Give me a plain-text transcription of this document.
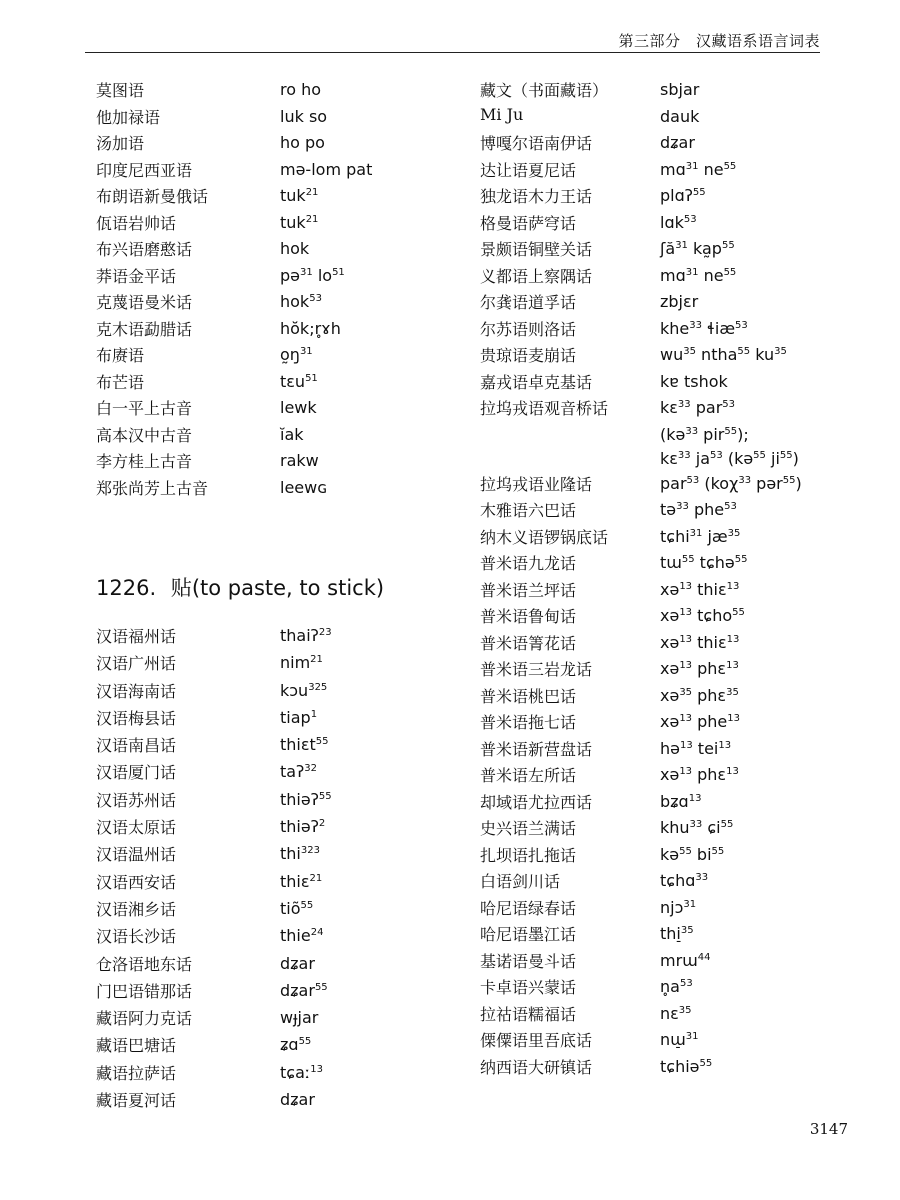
第三部分　汉藏语系语言词表
莫图语	ro ho
他加禄语	luk so
汤加语	ho po
印度尼西亚语	mə-lom pat
布朗语新曼俄话	tuk$^{21}$
佤语岩帅话	tuk$^{21}$
布兴语磨憨话	hok
莽语金平话	pə$^{31}$ $lo^{51}$
克蔑语曼米话	hok$^{53}$
克木语勐腊话	hŏk;r̥ɤh
布赓语	$o̰ŋ^{31}$
布芒语	tɛu$^{51}$
白一平上古音	lewk
高本汉中古音	ĭak
李方桂上古音	rakw
郑张尚芳上古音	leewɢ
1226. 贴(to paste, to stick)
汉语福州话	thaiʔ$^{23}$
汉语广州话	nim$^{21}$
汉语海南话	kɔu$^{325}$
汉语梅县话	tiap$^1$
汉语南昌话	thiɛt$^{55}$
汉语厦门话	taʔ$^{32}$
汉语苏州话	thiəʔ$^{55}$
汉语太原话	thiəʔ$^2$
汉语温州话	thi$^{323}$
汉语西安话	thiɛ$^{21}$
汉语湘乡话	tiõ$^{55}$
汉语长沙话	thie$^{24}$
仓洛语地东话	dʑar
门巴语错那话	dʑar$^{55}$
藏语阿力克话	wɟjar
藏语巴塘话	ʑɑ$^{55}$
藏语拉萨话	tɕaː$^{13}$
藏语夏河话	dʑar
藏文（书面藏语）	sbjar
Mi Ju	dauk
博嘎尔语南伊话	dʑar
达让语夏尼话	mɑ$^{31}$ $ne^{55}$
独龙语木力王话	plɑʔ$^{55}$
格曼语萨穹话	lɑk$^{53}$
景颇语铜壁关话	ʃă$^{31}$ $ka̰p^{55}$
义都语上察隅话	mɑ$^{31}$ $ne^{55}$
尔龚语道孚话	zbjɛr
尔苏语则洛话	khe$^{33}$ ɬiæ$^{53}$
贵琼语麦崩话	$wu^{35}$ ntha$^{55}$ $ku^{35}$
嘉戎语卓克基话	kɐ tshok
拉坞戎语观音桥话	kɛ$^{33}$ par$^{53}$
(kə$^{33}$ pir$^{55}$);
kɛ$^{33}$ $ja^{53}$ (kə$^{55}$ $ji^{55}$)
拉坞戎语业隆话	par$^{53}$ (koχ$^{33}$ pər$^{55}$)
木雅语六巴话	tə$^{33}$ phe$^{53}$
纳木义语锣锅底话	tɕhi$^{31}$ $jæ^{35}$
普米语九龙话	tɯ$^{55}$ tɕhə$^{55}$
普米语兰坪话	xə$^{13}$ thiɛ$^{13}$
普米语鲁甸话	xə$^{13}$ tɕho$^{55}$
普米语箐花话	xə$^{13}$ thiɛ$^{13}$
普米语三岩龙话	xə$^{13}$ phɛ$^{13}$
普米语桃巴话	xə$^{35}$ phɛ$^{35}$
普米语拖七话	xə$^{13}$ phe$^{13}$
普米语新营盘话	hə$^{13}$ tei$^{13}$
普米语左所话	xə$^{13}$ phɛ$^{13}$
却域语尤拉西话	bʑɑ$^{13}$
史兴语兰满话	khu$^{33}$ ɕi$^{55}$
扎坝语扎拖话	kə$^{55}$ $bi^{55}$
白语剑川话	tɕhɑ$^{33}$
哈尼语绿春话	njɔ$^{31}$
哈尼语墨江话	thi̠$^{35}$
基诺语曼斗话	mrɯ$^{44}$
卡卓语兴蒙话	$n̥a^{53}$
拉祜语糯福话	nɛ$^{35}$
傈僳语里吾底话	nɯ̠$^{31}$
纳西语大研镇话	tɕhiə$^{55}$
3147
